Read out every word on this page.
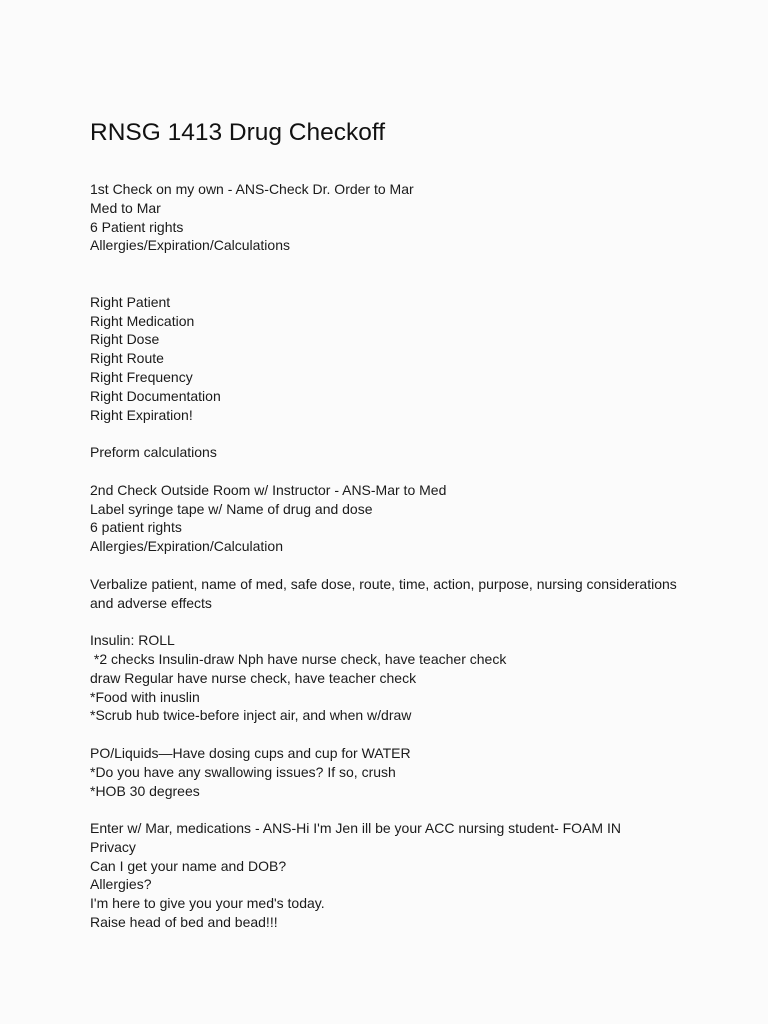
RNSG 1413 Drug Checkoff
1st Check on my own - ANS-Check Dr. Order to Mar
Med to Mar
6 Patient rights
Allergies/Expiration/Calculations
Right Patient
Right Medication
Right Dose
Right Route
Right Frequency
Right Documentation
Right Expiration!
Preform calculations
2nd Check Outside Room w/ Instructor - ANS-Mar to Med
Label syringe tape w/ Name of drug and dose
6 patient rights
Allergies/Expiration/Calculation
Verbalize patient, name of med, safe dose, route, time, action, purpose, nursing considerations
and adverse effects
Insulin: ROLL
*2 checks Insulin-draw Nph have nurse check, have teacher check
draw Regular have nurse check, have teacher check
*Food with inuslin
*Scrub hub twice-before inject air, and when w/draw
PO/Liquids—Have dosing cups and cup for WATER
*Do you have any swallowing issues? If so, crush
*HOB 30 degrees
Enter w/ Mar, medications - ANS-Hi I'm Jen ill be your ACC nursing student- FOAM IN
Privacy
Can I get your name and DOB?
Allergies?
I'm here to give you your med's today.
Raise head of bed and bead!!!
